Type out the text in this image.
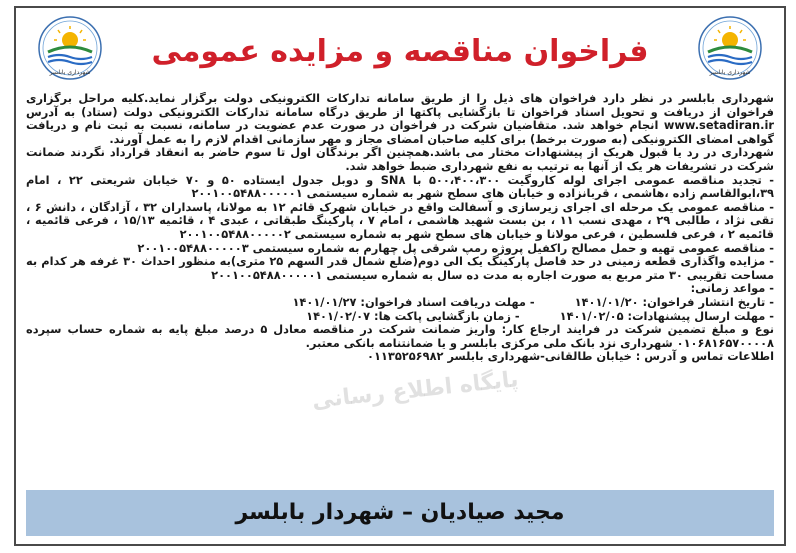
شهرداری بابلسر
فراخوان مناقصه و مزایده عمومی
شهرداری بابلسر

شهرداری بابلسر در نظر دارد فراخوان های ذیل را از طریق سامانه تدارکات الکترونیکی دولت برگزار نماید.کلیه مراحل برگزاری فراخوان از دریافت و تحویل اسناد فراخوان تا بازگشایی پاکتها از طریق درگاه سامانه تدارکات الکترونیکی دولت (ستاد) به آدرس www.setadiran.ir انجام خواهد شد. متقاضیان شرکت در فراخوان در صورت عدم عضویت در سامانه، نسبت به ثبت نام و دریافت گواهی امضای الکترونیکی (به صورت برخط) برای کلیه صاحبان امضای مجاز و مهر سازمانی اقدام لازم را به عمل آورند.

شهرداری در رد یا قبول هریک از پیشنهادات مختار می باشد.همچنین اگر برندگان اول تا سوم حاضر به انعقاد قرارداد نگردند ضمانت شرکت در تشریفات هر یک از آنها به ترتیب به نفع شهرداری ضبط خواهد شد.

- تجدید مناقصه عمومی اجرای لوله کاروگیت ۵۰۰،۴۰۰،۳۰۰ با SN۸ و دوبل جدول ایستاده ۵۰ و ۷۰ خیابان شریعتی ۲۲ ، امام ۳۹،ابوالقاسم زاده ،هاشمی ، قربانزاده و خیابان های سطح شهر به شماره سیستمی ۲۰۰۱۰۰۵۴۸۸۰۰۰۰۰۱

- مناقصه عمومی یک مرحله ای اجرای زیرسازی و آسفالت واقع در خیابان شهرک قائم ۱۲ به مولانا، پاسداران ۳۲ ، آزادگان ، دانش ۶ ، تقی نژاد ، طالبی ۲۹ ، مهدی نسب ۱۱ ، بن بست شهید هاشمی ، امام ۷ ، پارکینگ طبقاتی ، عبدی ۴ ، قائمیه ۱۵/۱۳ ، فرعی قائمیه ، قائمیه ۲ ، فرعی فلسطین ، فرعی مولانا و خیابان های سطح شهر به شماره سیستمی ۲۰۰۱۰۰۵۴۸۸۰۰۰۰۰۲

- مناقصه عمومی تهیه و حمل مصالح راکفیل پروژه رمپ شرقی پل چهارم به شماره سیستمی ۲۰۰۱۰۰۵۴۸۸۰۰۰۰۰۳

- مزایده واگذاری قطعه زمینی در حد فاصل پارکینگ یک الی دوم(ضلع شمال قدر السهم ۲۵ متری)به منظور احداث ۳۰ غرفه هر کدام به مساحت تقریبی ۳۰ متر مربع به صورت اجاره به مدت ده سال به شماره سیستمی ۲۰۰۱۰۰۵۴۸۸۰۰۰۰۰۱

- مواعد زمانی:

- تاریخ انتشار فراخوان: ۱۴۰۱/۰۱/۲۰
- مهلت دریافت اسناد فراخوان: ۱۴۰۱/۰۱/۲۷
- مهلت ارسال پیشنهادات: ۱۴۰۱/۰۲/۰۵
- زمان بازگشایی پاکت ها: ۱۴۰۱/۰۲/۰۷

نوع و مبلغ تضمین شرکت در فرایند ارجاع کار: واریز ضمانت شرکت در مناقصه معادل ۵ درصد مبلغ پایه به شماره حساب سپرده ۰۱۰۶۸۱۶۵۷۰۰۰۰۸ شهرداری نزد بانک ملی مرکزی بابلسر و یا ضمانتنامه بانکی معتبر.

اطلاعات تماس و آدرس : خیابان طالقانی-شهرداری بابلسر ۰۱۱۳۵۲۵۶۹۸۲

پایگاه اطلاع رسانی
مجید صیادیان – شهردار بابلسر
